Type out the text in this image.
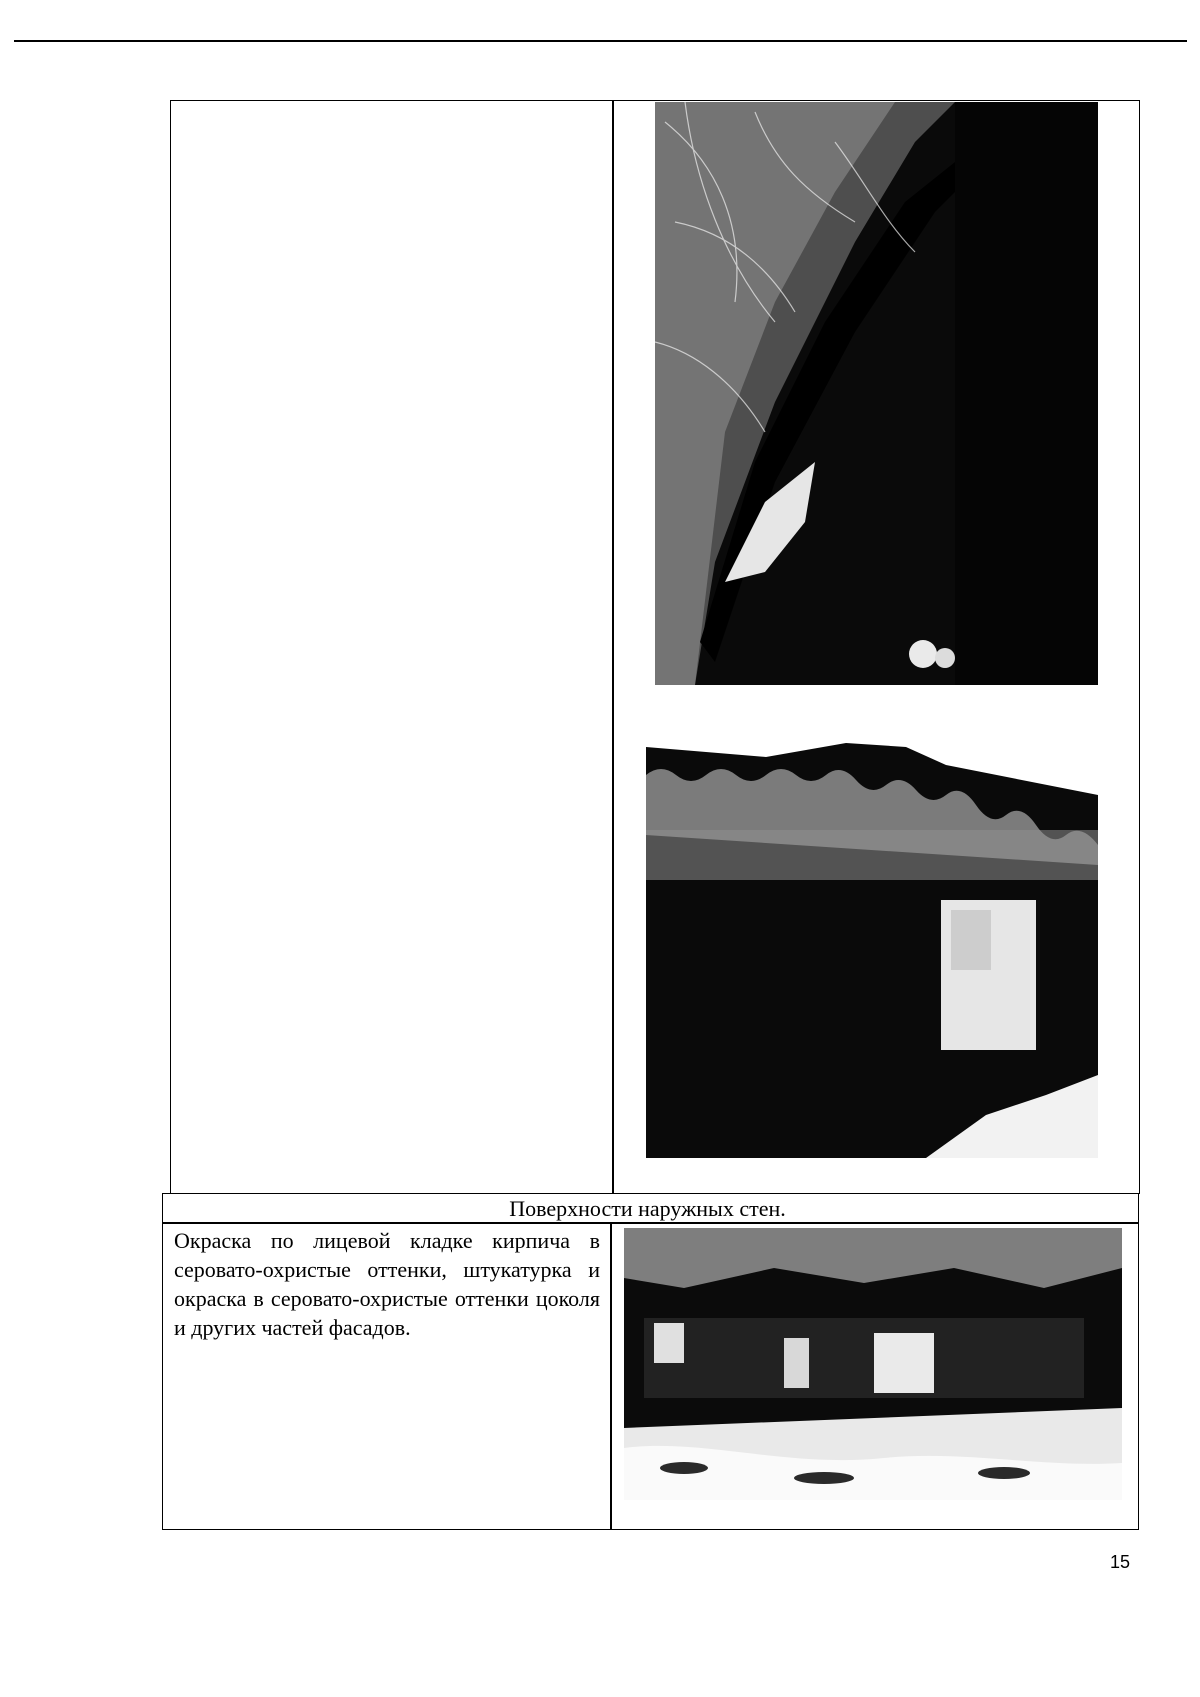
Поверхности наружных стен.
Окраска по лицевой кладке кирпича в серовато-охристые оттенки, штукатурка и окраска в серовато-охристые оттенки цоколя и других частей фасадов.
15
